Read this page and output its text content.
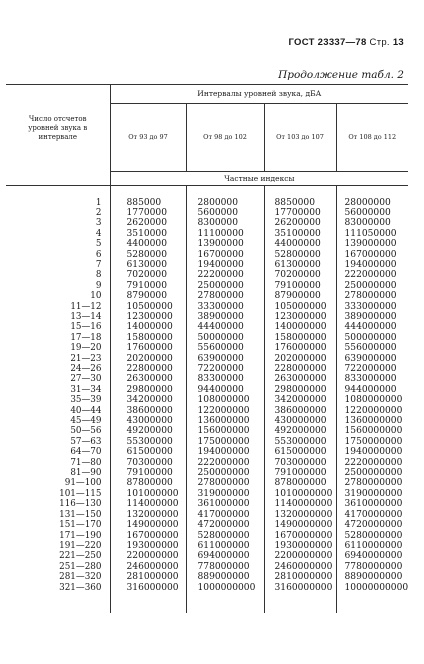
ГОСТ 23337—78 Стр. 13
Продолжение табл. 2
Число отсчетов уровней звука в интервале	Интервалы уровней звука, дБА			
	От 93 до 97	От 98 до 102	От 103 до 107	От 108 до 112
	Частные индексы			

1	885000	2800000	8850000	28000000
2	1770000	5600000	17700000	56000000
3	2620000	8300000	26200000	83000000
4	3510000	11100000	35100000	111050000
5	4400000	13900000	44000000	139000000
6	5280000	16700000	52800000	167000000
7	6130000	19400000	61300000	194000000
8	7020000	22200000	70200000	222000000
9	7910000	25000000	79100000	250000000
10	8790000	27800000	87900000	278000000
11—12	10500000	33300000	105000000	333000000
13—14	12300000	38900000	123000000	389000000
15—16	14000000	44400000	140000000	444000000
17—18	15800000	50000000	158000000	500000000
19—20	17600000	55600000	176000000	556000000
21—23	20200000	63900000	202000000	639000000
24—26	22800000	72200000	228000000	722000000
27—30	26300000	83300000	263000000	833000000
31—34	29800000	94400000	298000000	944000000
35—39	34200000	108000000	342000000	1080000000
40—44	38600000	122000000	386000000	1220000000
45—49	43000000	136000000	430000000	1360000000
50—56	49200000	156000000	492000000	1560000000
57—63	55300000	175000000	553000000	1750000000
64—70	61500000	194000000	615000000	1940000000
71—80	70300000	222000000	703000000	2220000000
81—90	79100000	250000000	791000000	2500000000
91—100	87800000	278000000	878000000	2780000000
101—115	101000000	319000000	1010000000	3190000000
116—130	114000000	361000000	1140000000	3610000000
131—150	132000000	417000000	1320000000	4170000000
151—170	149000000	472000000	1490000000	4720000000
171—190	167000000	528000000	1670000000	5280000000
191—220	193000000	611000000	1930000000	6110000000
221—250	220000000	694000000	2200000000	6940000000
251—280	246000000	778000000	2460000000	7780000000
281—320	281000000	889000000	2810000000	8890000000
321—360	316000000	1000000000	3160000000	10000000000
